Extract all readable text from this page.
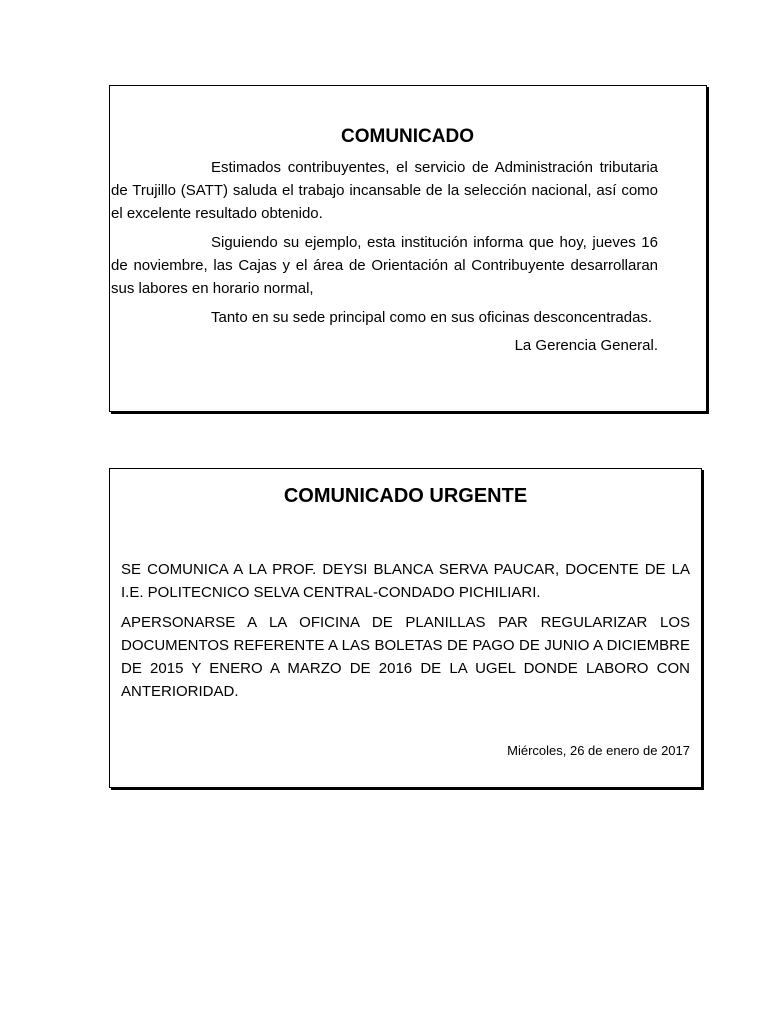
COMUNICADO

Estimados contribuyentes, el servicio de Administración tributaria de Trujillo (SATT) saluda el trabajo incansable de la selección nacional, así como el excelente resultado obtenido.

Siguiendo su ejemplo, esta institución informa que hoy, jueves 16 de noviembre, las Cajas y el área de Orientación al Contribuyente desarrollaran sus labores en horario normal,

Tanto en su sede principal como en sus oficinas desconcentradas.

La Gerencia General.
COMUNICADO URGENTE

SE COMUNICA A LA PROF. DEYSI BLANCA SERVA PAUCAR, DOCENTE DE LA I.E. POLITECNICO SELVA CENTRAL-CONDADO PICHILIARI.

APERSONARSE A LA OFICINA DE PLANILLAS PAR REGULARIZAR LOS DOCUMENTOS REFERENTE A LAS BOLETAS DE PAGO DE JUNIO A DICIEMBRE DE 2015 Y ENERO A MARZO DE 2016 DE LA UGEL DONDE LABORO CON ANTERIORIDAD.

Miércoles, 26 de enero de 2017
